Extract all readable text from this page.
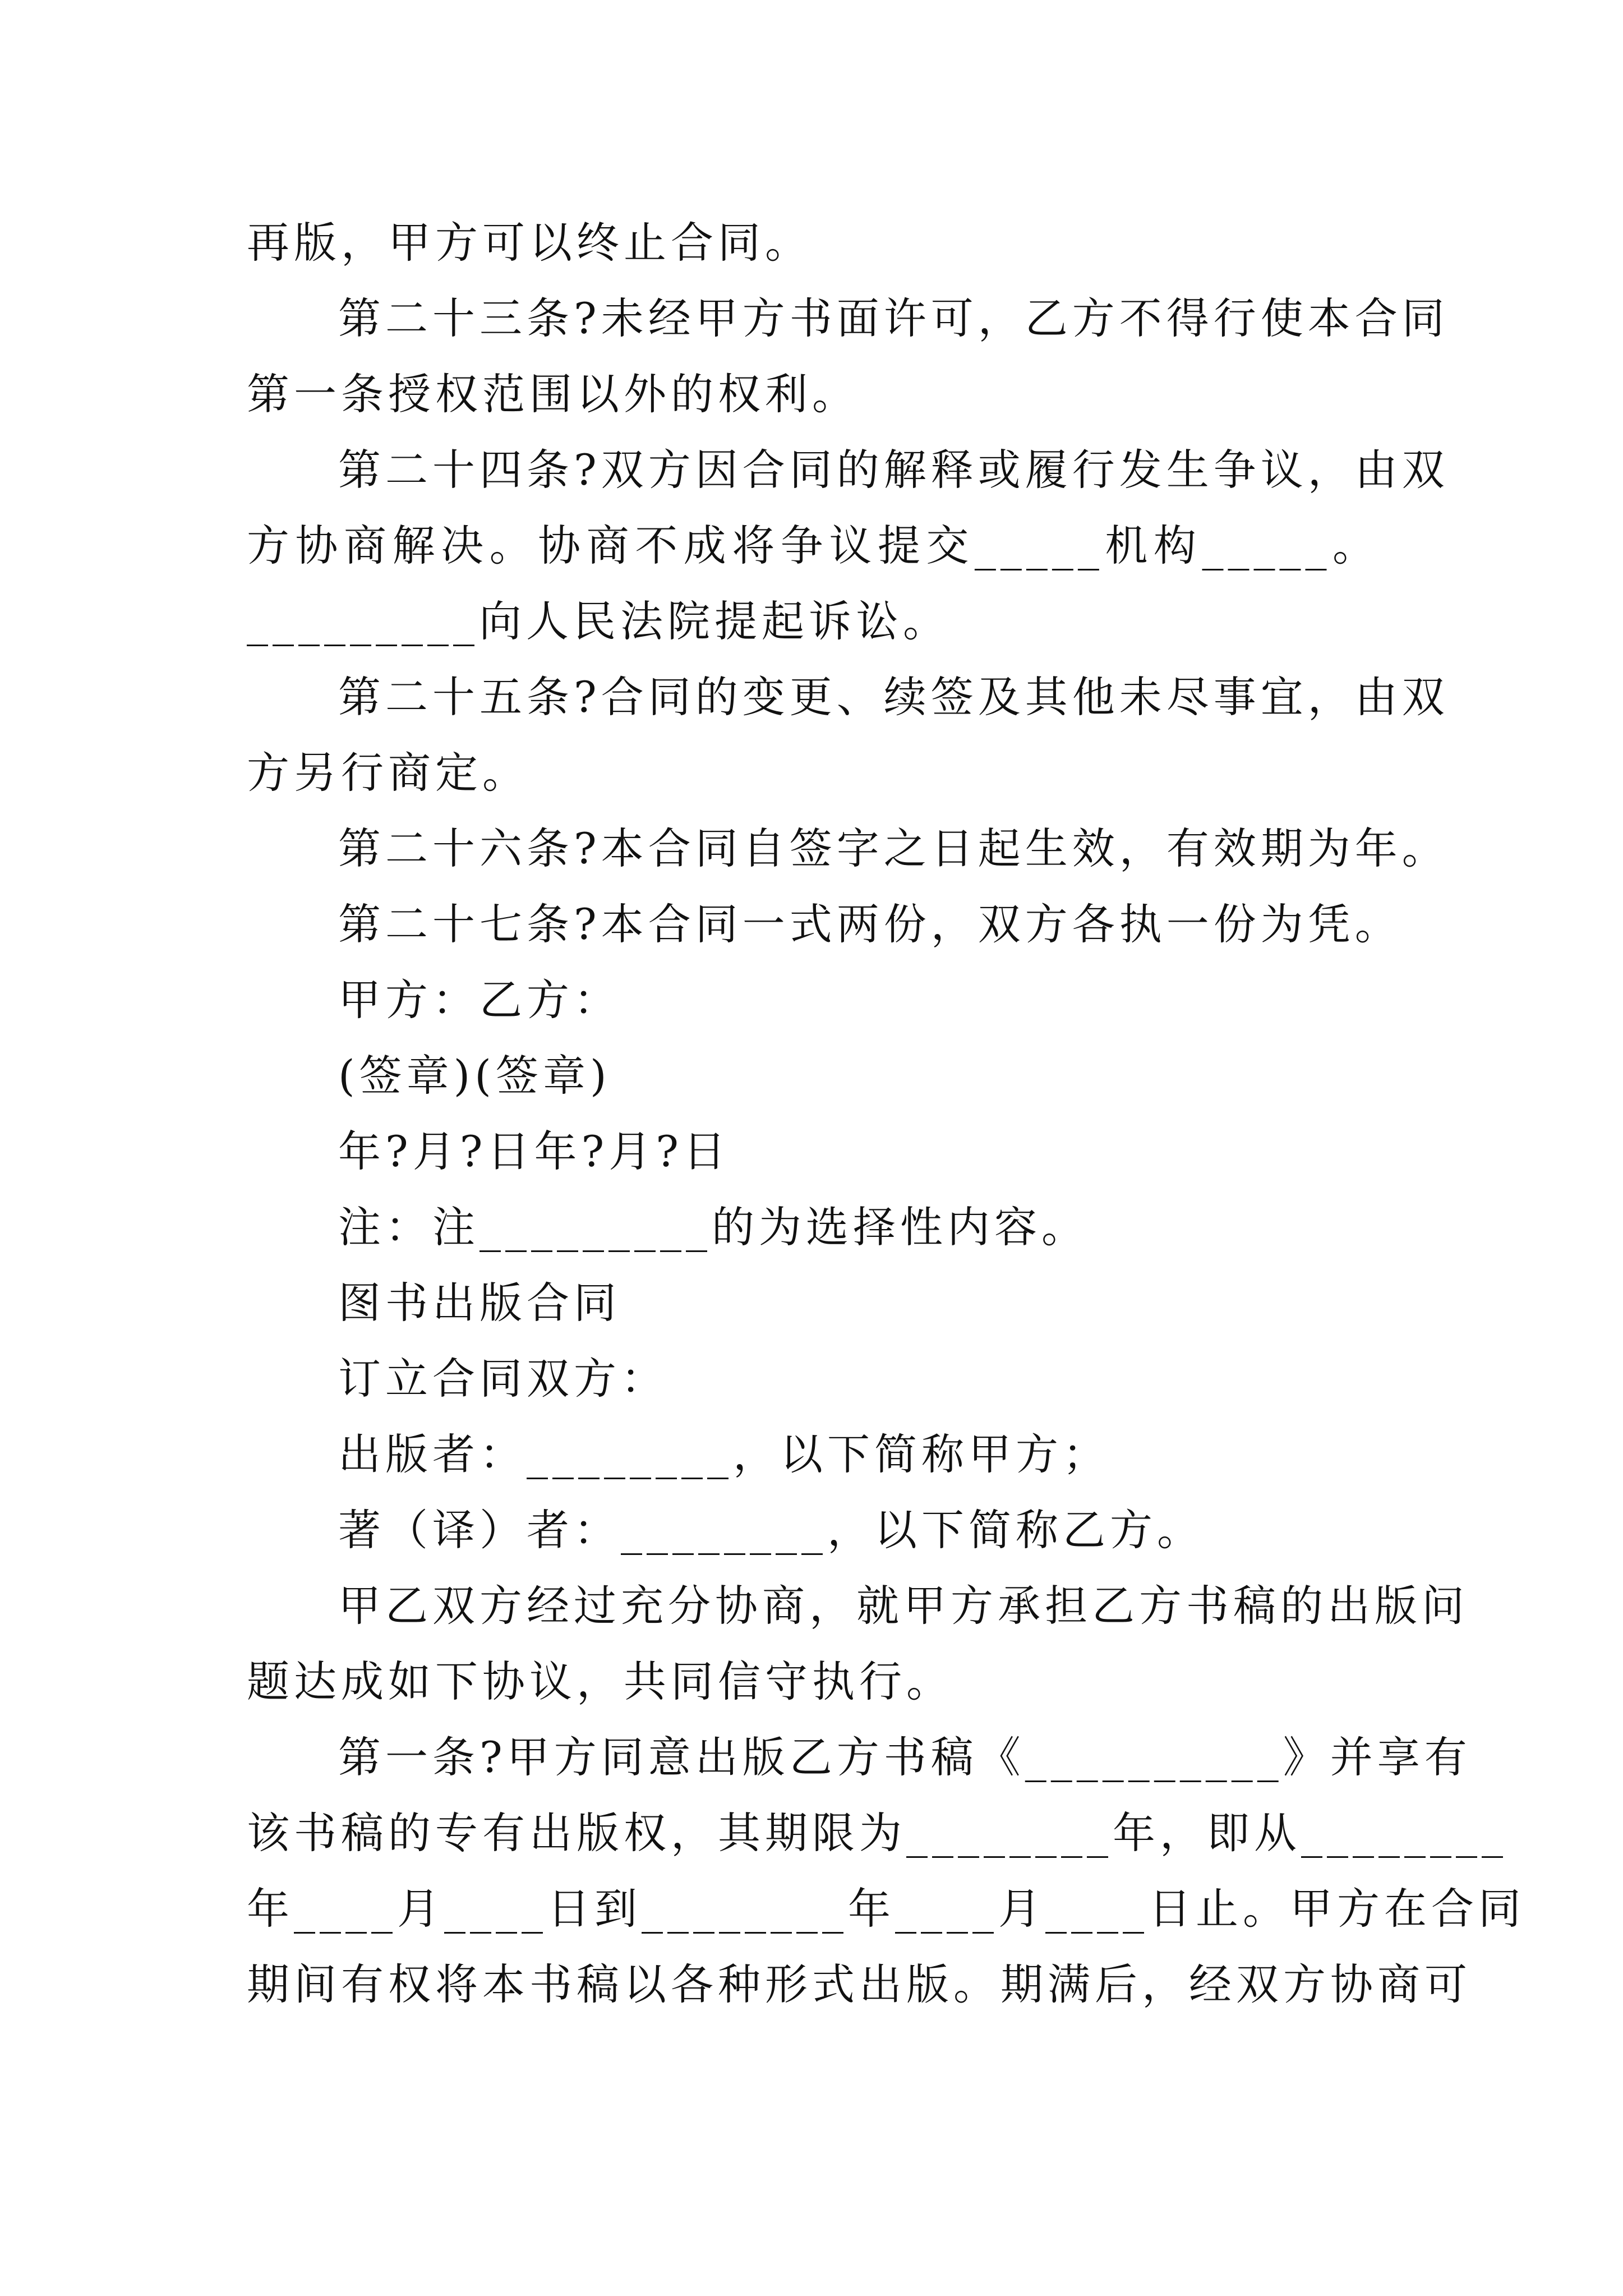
再版，甲方可以终止合同。
第二十三条?未经甲方书面许可，乙方不得行使本合同
第一条授权范围以外的权利。
第二十四条?双方因合同的解释或履行发生争议，由双
方协商解决。协商不成将争议提交_____机构_____。
_________向人民法院提起诉讼。
第二十五条?合同的变更、续签及其他未尽事宜，由双
方另行商定。
第二十六条?本合同自签字之日起生效，有效期为年。
第二十七条?本合同一式两份，双方各执一份为凭。
甲方：乙方：
(签章)(签章)
年?月?日年?月?日
注：注_________的为选择性内容。
图书出版合同
订立合同双方：
出版者：________，以下简称甲方；
著（译）者：________，以下简称乙方。
甲乙双方经过充分协商，就甲方承担乙方书稿的出版问
题达成如下协议，共同信守执行。
第一条?甲方同意出版乙方书稿《__________》并享有
该书稿的专有出版权，其期限为________年，即从________
年____月____日到________年____月____日止。甲方在合同
期间有权将本书稿以各种形式出版。期满后，经双方协商可
